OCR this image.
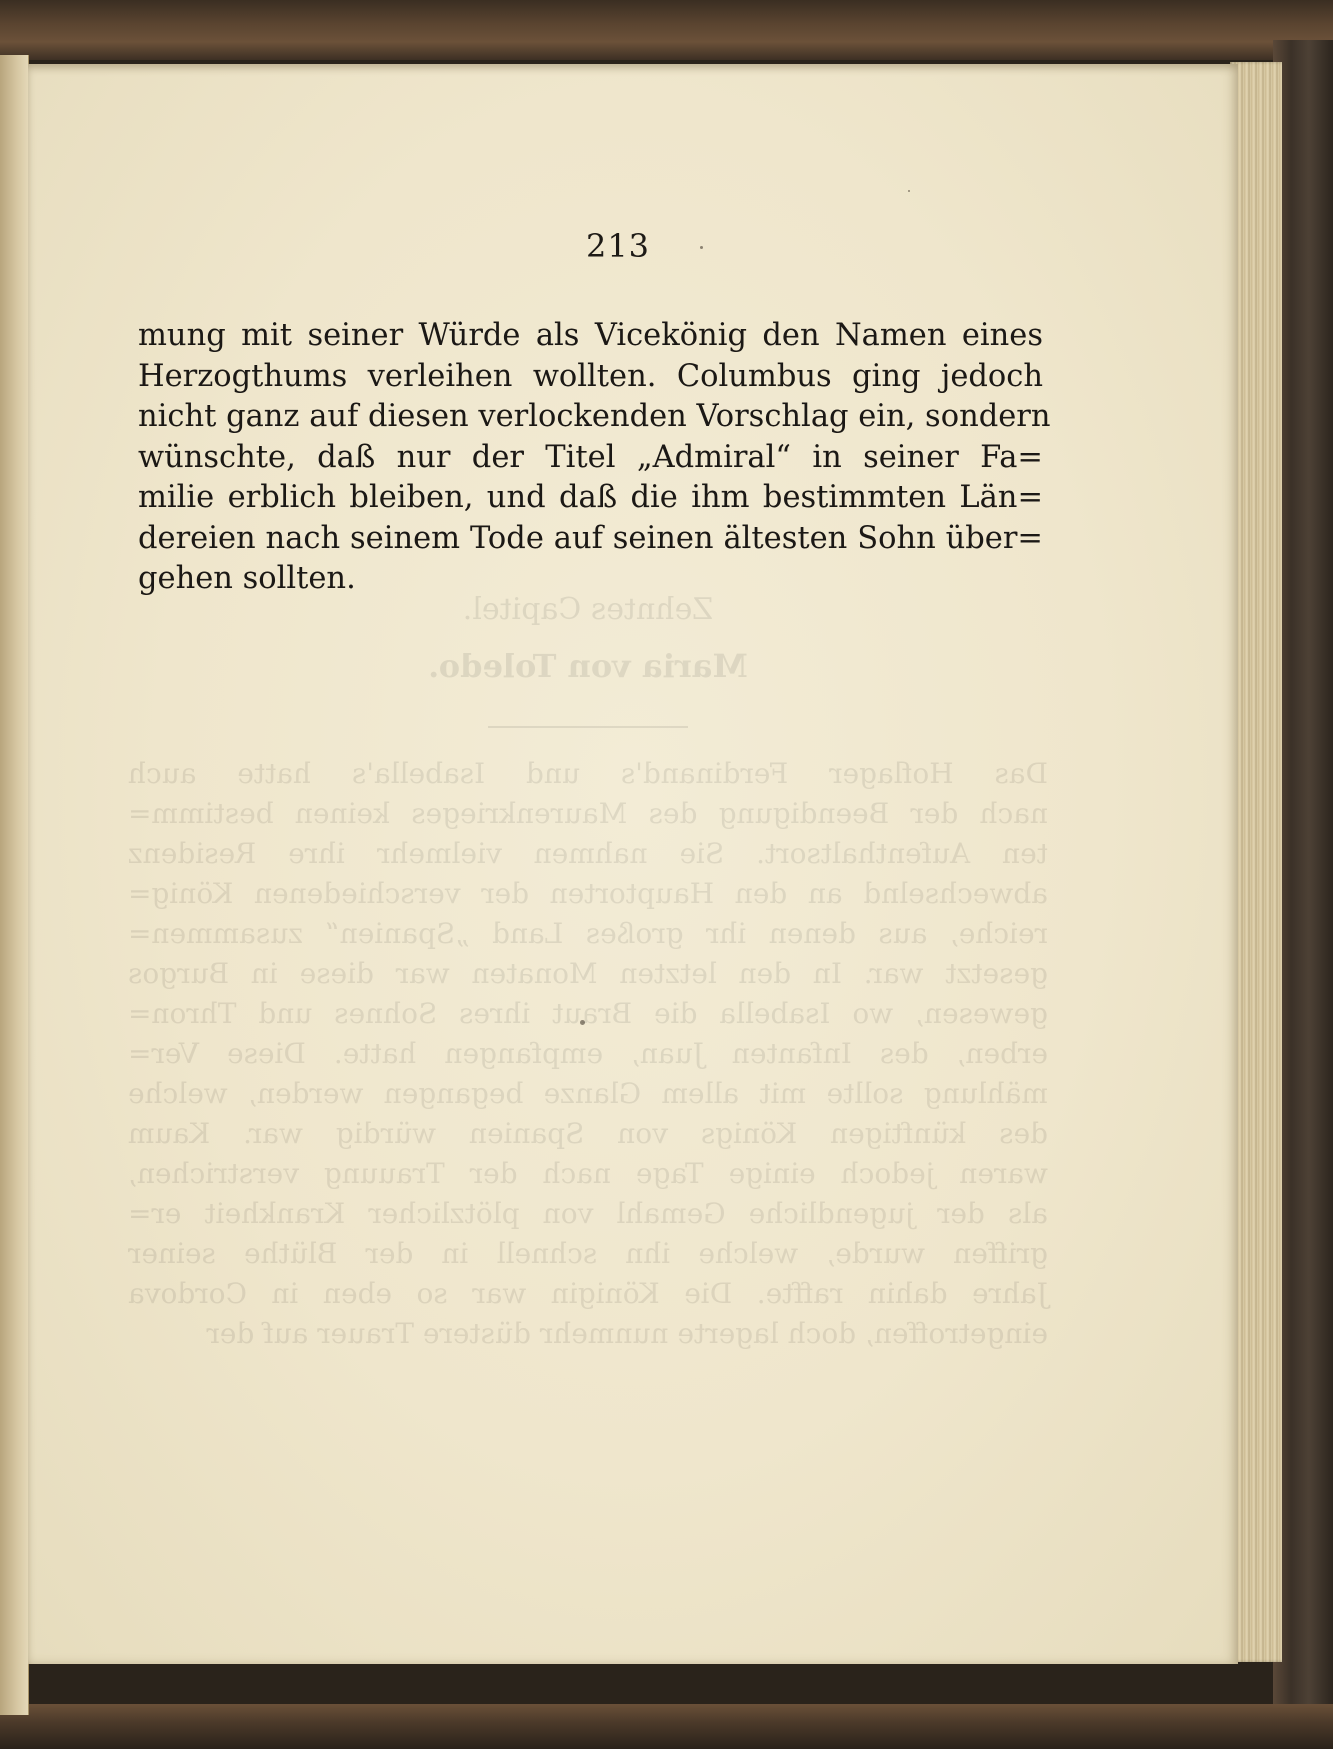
Zehntes Capitel.
Maria von Toledo.
Das Hoflager Ferdinand's und Isabella's hatte auch
nach der Beendigung des Maurenkrieges keinen bestimm=
ten Aufenthaltsort. Sie nahmen vielmehr ihre Residenz
abwechselnd an den Hauptorten der verschiedenen König=
reiche, aus denen ihr großes Land „Spanien“ zusammen=
gesetzt war. In den letzten Monaten war diese in Burgos
gewesen, wo Isabella die Braut ihres Sohnes und Thron=
erben, des Infanten Juan, empfangen hatte. Diese Ver=
mählung sollte mit allem Glanze begangen werden, welche
des künftigen Königs von Spanien würdig war. Kaum
waren jedoch einige Tage nach der Trauung verstrichen,
als der jugendliche Gemahl von plötzlicher Krankheit er=
griffen wurde, welche ihn schnell in der Blüthe seiner
Jahre dahin raffte. Die Königin war so eben in Cordova
eingetroffen, doch lagerte nunmehr düstere Trauer auf der
213
mung mit seiner Würde als Vicekönig den Namen eines
Herzogthums verleihen wollten. Columbus ging jedoch
nicht ganz auf diesen verlockenden Vorschlag ein, sondern
wünschte, daß nur der Titel „Admiral“ in seiner Fa=
milie erblich bleiben, und daß die ihm bestimmten Län=
dereien nach seinem Tode auf seinen ältesten Sohn über=
gehen sollten.
